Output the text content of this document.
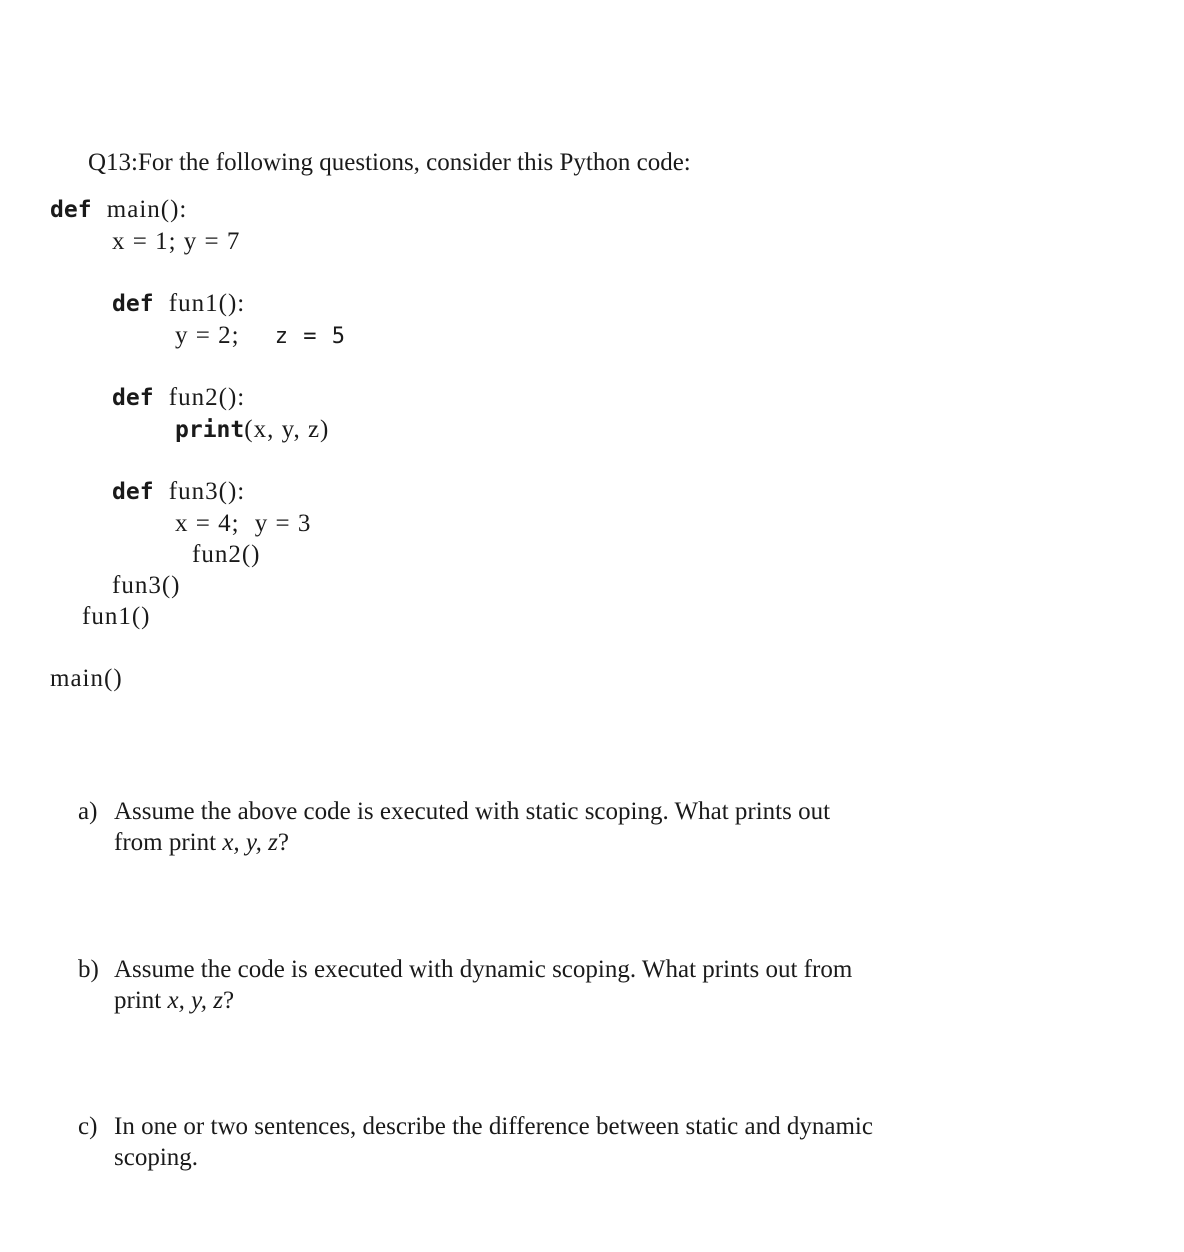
Q13:For the following questions, consider this Python code:
def main():
x = 1; y = 7
def fun1():
y = 2; z = 5
def fun2():
print(x, y, z)
def fun3():
x = 4; y = 3
fun2()
fun3()
fun1()
main()
a) Assume the above code is executed with static scoping. What prints out
from print x, y, z?
b) Assume the code is executed with dynamic scoping. What prints out from
print x, y, z?
c) In one or two sentences, describe the difference between static and dynamic
scoping.
